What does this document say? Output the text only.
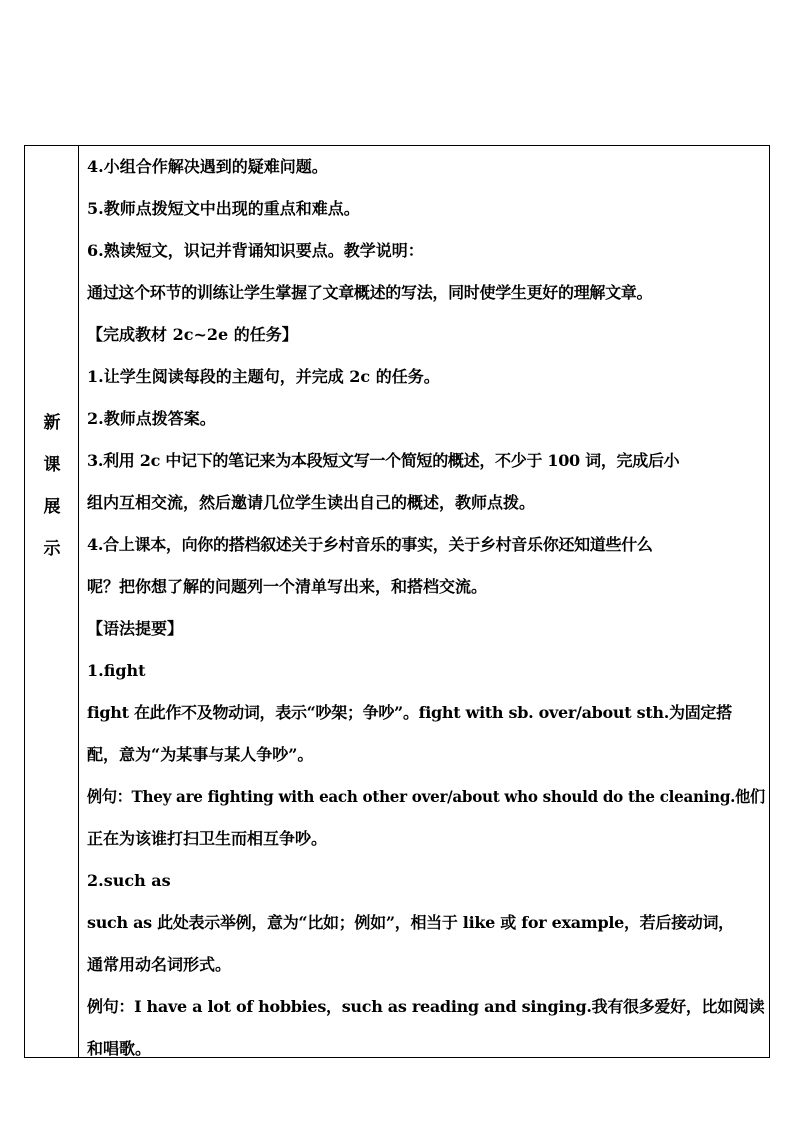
新
课
展
示
4.小组合作解决遇到的疑难问题。
5.教师点拨短文中出现的重点和难点。
6.熟读短文，识记并背诵知识要点。教学说明：
通过这个环节的训练让学生掌握了文章概述的写法，同时使学生更好的理解文章。
【完成教材 2c~2e 的任务】
1.让学生阅读每段的主题句，并完成 2c 的任务。
2.教师点拨答案。
3.利用 2c 中记下的笔记来为本段短文写一个简短的概述，不少于 100 词，完成后小
组内互相交流，然后邀请几位学生读出自己的概述，教师点拨。
4.合上课本，向你的搭档叙述关于乡村音乐的事实，关于乡村音乐你还知道些什么
呢？把你想了解的问题列一个清单写出来，和搭档交流。
【语法提要】
1.fight
fight 在此作不及物动词，表示“吵架；争吵”。fight with sb. over/about sth.为固定搭
配，意为“为某事与某人争吵”。
例句：They are fighting with each other over/about who should do the cleaning.他们
正在为该谁打扫卫生而相互争吵。
2.such as
such as 此处表示举例，意为“比如；例如”，相当于 like 或 for example，若后接动词，
通常用动名词形式。
例句：I have a lot of hobbies，such as reading and singing.我有很多爱好，比如阅读
和唱歌。
